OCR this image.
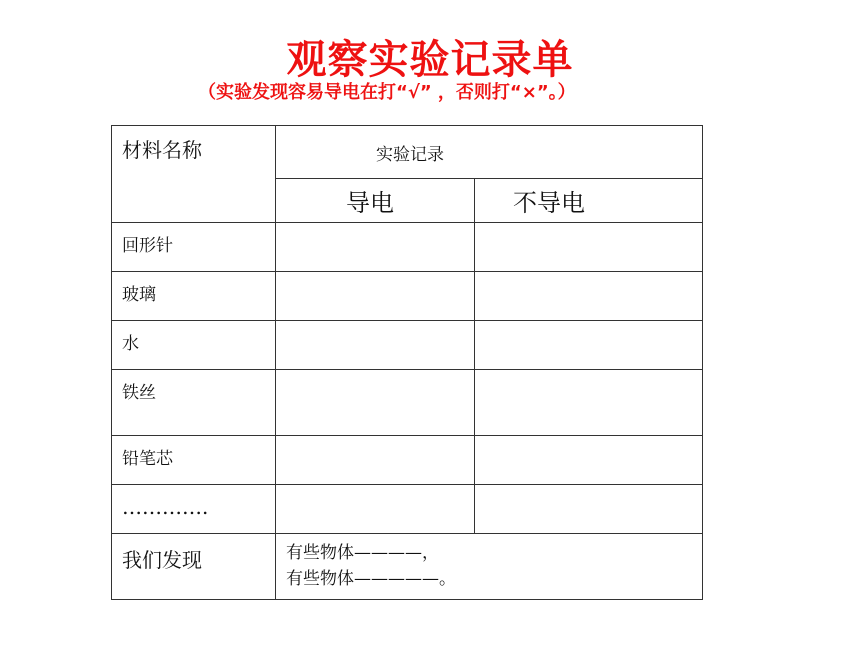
观察实验记录单

（实验发现容易导电在打“√” ，否则打“×”。）

材料名称	实验记录	
	导电	不导电
回形针		
玻璃		
水		
铁丝		
铅笔芯		
………….		
我们发现	有些物体————，
有些物体—————。	
